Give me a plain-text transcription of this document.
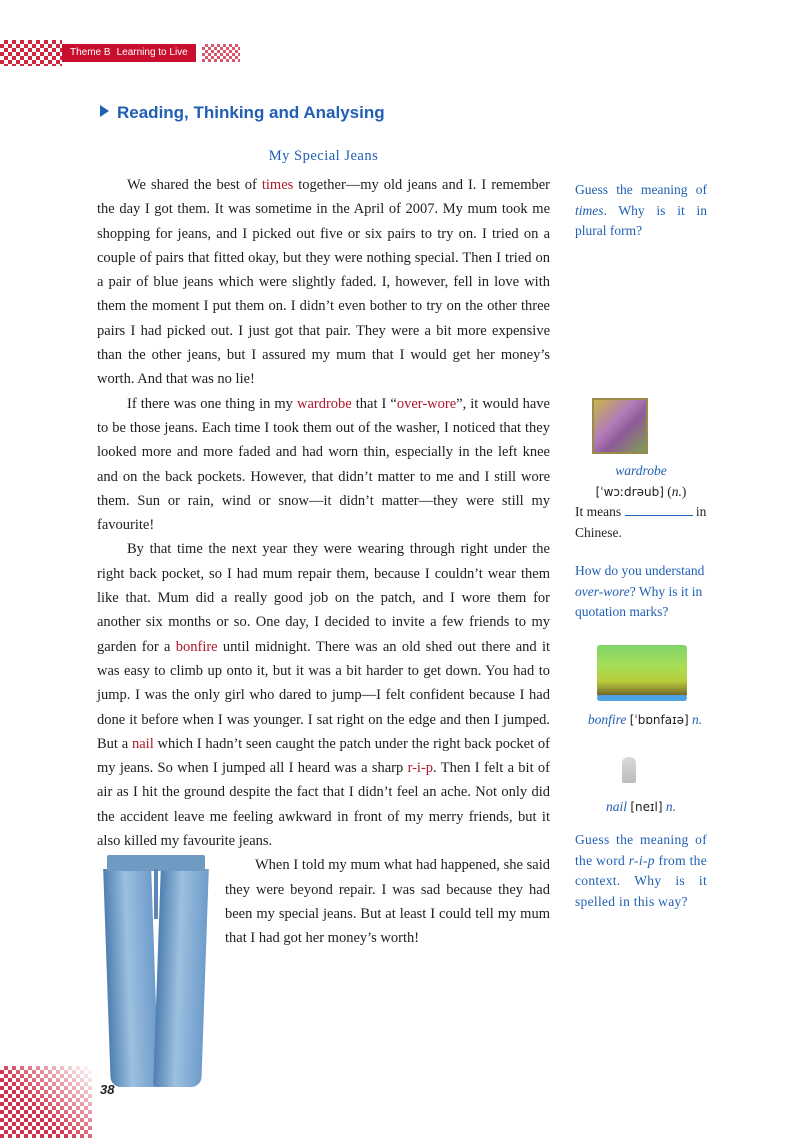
Theme B Learning to Live
Reading, Thinking and Analysing
My Special Jeans

We shared the best of times together—my old jeans and I. I remember the day I got them. It was sometime in the April of 2007. My mum took me shopping for jeans, and I picked out five or six pairs to try on. I tried on a couple of pairs that fitted okay, but they were nothing special. Then I tried on a pair of blue jeans which were slightly faded. I, however, fell in love with them the moment I put them on. I didn’t even bother to try on the other three pairs I had picked out. I just got that pair. They were a bit more expensive than the other jeans, but I assured my mum that I would get her money’s worth. And that was no lie!

If there was one thing in my wardrobe that I “over-wore”, it would have to be those jeans. Each time I took them out of the washer, I noticed that they looked more and more faded and had worn thin, especially in the left knee and on the back pockets. However, that didn’t matter to me and I still wore them. Sun or rain, wind or snow—it didn’t matter—they were still my favourite!

By that time the next year they were wearing through right under the right back pocket, so I had mum repair them, because I couldn’t wear them like that. Mum did a really good job on the patch, and I wore them for another six months or so. One day, I decided to invite a few friends to my garden for a bonfire until midnight. There was an old shed out there and it was easy to climb up onto it, but it was a bit harder to get down. You had to jump. I was the only girl who dared to jump—I felt confident because I had done it before when I was younger. I sat right on the edge and then I jumped. But a nail which I hadn’t seen caught the patch under the right back pocket of my jeans. So when I jumped all I heard was a sharp r-i-p. Then I felt a bit of air as I hit the ground despite the fact that I didn’t feel an ache. Not only did the accident leave me feeling awkward in front of my merry friends, but it also killed my favourite jeans.

When I told my mum what had happened, she said they were beyond repair. I was sad because they had been my special jeans. But at least I could tell my mum that I had got her money’s worth!

Guess the meaning of times. Why is it in plural form?
wardrobe
[ˈwɔːdrəub] (n.)
It means	in Chinese.
How do you understand over-wore? Why is it in quotation marks?
bonfire [ˈbɒnfaɪə] n.
nail [neɪl] n.
Guess the meaning of the word r-i-p from the context. Why is it spelled in this way?
38
